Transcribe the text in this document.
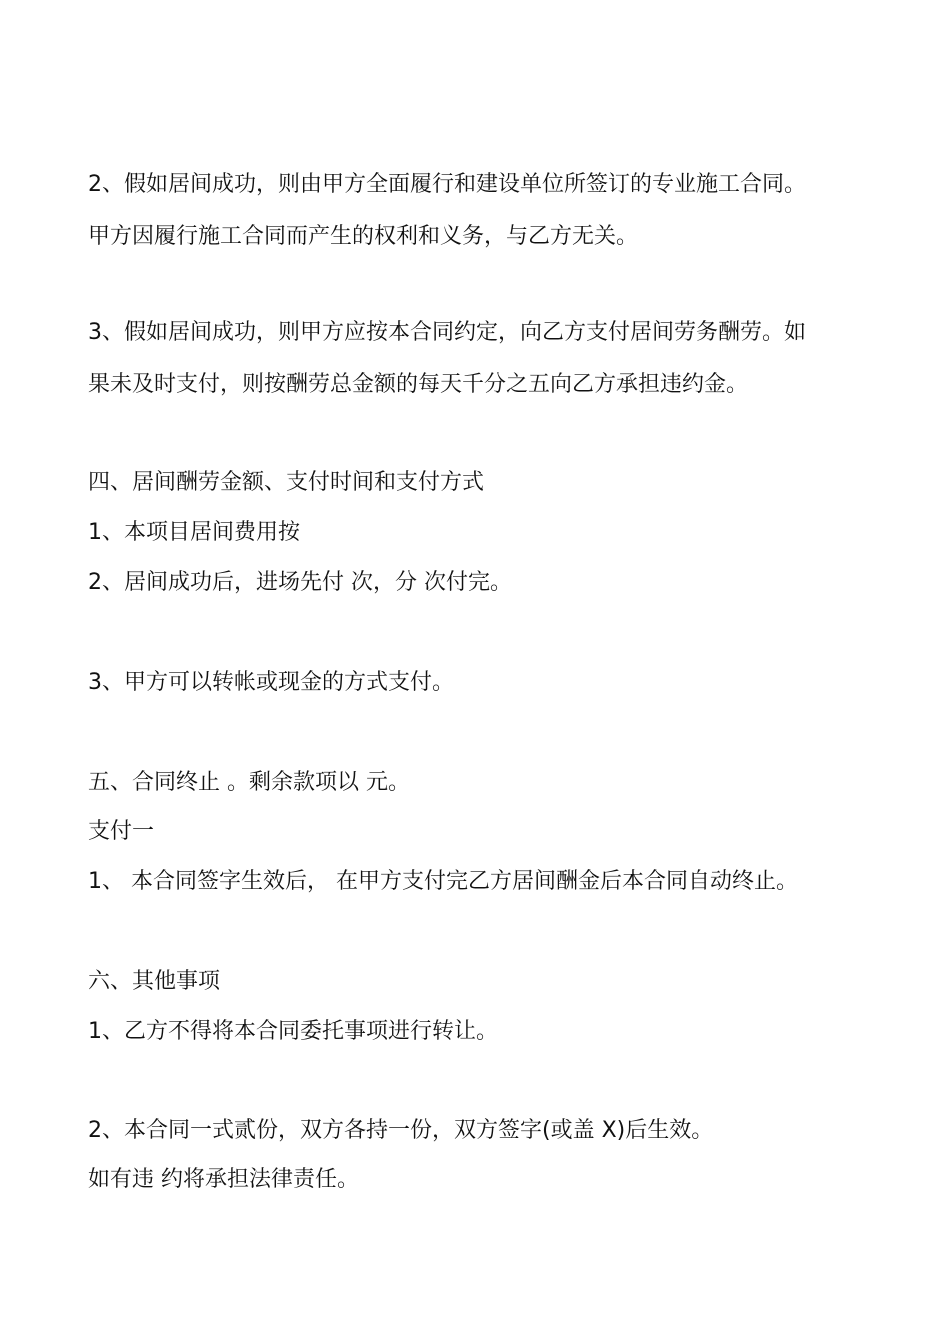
2、假如居间成功，则由甲方全面履行和建设单位所签订的专业施工合同。
甲方因履行施工合同而产生的权利和义务，与乙方无关。
3、假如居间成功，则甲方应按本合同约定，向乙方支付居间劳务酬劳。如
果未及时支付，则按酬劳总金额的每天千分之五向乙方承担违约金。
四、居间酬劳金额、支付时间和支付方式
1、本项目居间费用按
2、居间成功后，进场先付 次，分 次付完。
3、甲方可以转帐或现金的方式支付。
五、合同终止 。剩余款项以 元。
支付一
1、 本合同签字生效后， 在甲方支付完乙方居间酬金后本合同自动终止。
六、其他事项
1、乙方不得将本合同委托事项进行转让。
2、本合同一式贰份，双方各持一份，双方签字(或盖 X)后生效。
如有违 约将承担法律责任。
